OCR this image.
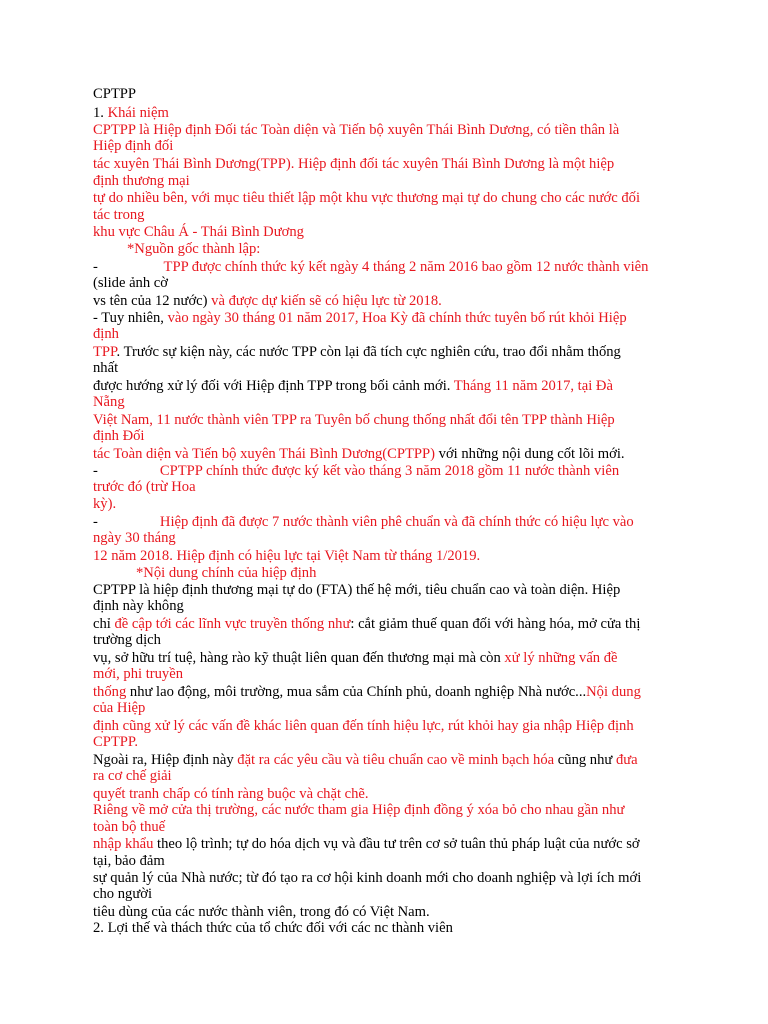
CPTPP
1. Khái niệm
CPTPP là Hiệp định Đối tác Toàn diện và Tiến bộ xuyên Thái Bình Dương, có tiền thân là
Hiệp định đối
tác xuyên Thái Bình Dương(TPP). Hiệp định đối tác xuyên Thái Bình Dương là một hiệp
định thương mại
tự do nhiều bên, với mục tiêu thiết lập một khu vực thương mại tự do chung cho các nước đối
tác trong
khu vực Châu Á - Thái Bình Dương
*Nguồn gốc thành lập:
-                  TPP được chính thức ký kết ngày 4 tháng 2 năm 2016 bao gồm 12 nước thành viên
(slide ảnh cờ
vs tên của 12 nước) và được dự kiến sẽ có hiệu lực từ 2018.
- Tuy nhiên, vào ngày 30 tháng 01 năm 2017, Hoa Kỳ đã chính thức tuyên bố rút khỏi Hiệp
định
TPP. Trước sự kiện này, các nước TPP còn lại đã tích cực nghiên cứu, trao đổi nhằm thống
nhất
được hướng xử lý đối với Hiệp định TPP trong bối cảnh mới. Tháng 11 năm 2017, tại Đà
Nẵng
Việt Nam, 11 nước thành viên TPP ra Tuyên bố chung thống nhất đổi tên TPP thành Hiệp
định Đối
tác Toàn diện và Tiến bộ xuyên Thái Bình Dương(CPTPP) với những nội dung cốt lõi mới.
-                 CPTPP chính thức được ký kết vào tháng 3 năm 2018 gồm 11 nước thành viên
trước đó (trừ Hoa
kỳ).
-                 Hiệp định đã được 7 nước thành viên phê chuẩn và đã chính thức có hiệu lực vào
ngày 30 tháng
12 năm 2018. Hiệp định có hiệu lực tại Việt Nam từ tháng 1/2019.
*Nội dung chính của hiệp định
CPTPP là hiệp định thương mại tự do (FTA) thế hệ mới, tiêu chuẩn cao và toàn diện. Hiệp
định này không
chỉ đề cập tới các lĩnh vực truyền thống như: cắt giảm thuế quan đối với hàng hóa, mở cửa thị
trường dịch
vụ, sở hữu trí tuệ, hàng rào kỹ thuật liên quan đến thương mại mà còn xử lý những vấn đề
mới, phi truyền
thống như lao động, môi trường, mua sắm của Chính phủ, doanh nghiệp Nhà nước...Nội dung
của Hiệp
định cũng xử lý các vấn đề khác liên quan đến tính hiệu lực, rút khỏi hay gia nhập Hiệp định
CPTPP.
Ngoài ra, Hiệp định này đặt ra các yêu cầu và tiêu chuẩn cao về minh bạch hóa cũng như đưa
ra cơ chế giải
quyết tranh chấp có tính ràng buộc và chặt chẽ.
Riêng về mở cửa thị trường, các nước tham gia Hiệp định đồng ý xóa bỏ cho nhau gần như
toàn bộ thuế
nhập khẩu theo lộ trình; tự do hóa dịch vụ và đầu tư trên cơ sở tuân thủ pháp luật của nước sở
tại, bảo đảm
sự quản lý của Nhà nước; từ đó tạo ra cơ hội kinh doanh mới cho doanh nghiệp và lợi ích mới
cho người
tiêu dùng của các nước thành viên, trong đó có Việt Nam.
2. Lợi thế và thách thức của tổ chức đối với các nc thành viên
